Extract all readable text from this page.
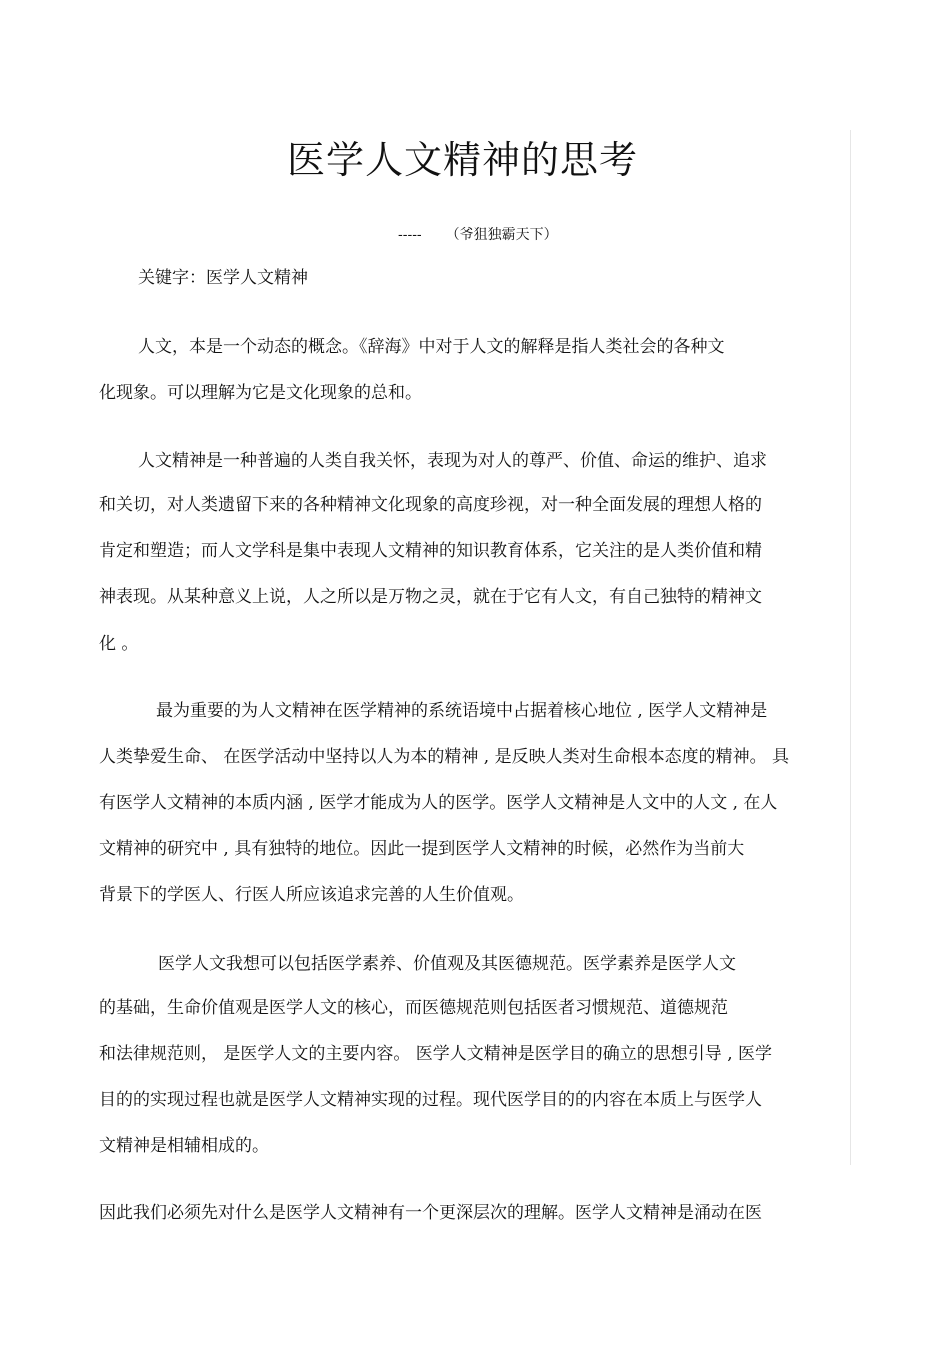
医学人文精神的思考
----- （爷狙独霸天下）
关键字：医学人文精神
人文，本是一个动态的概念。《辞海》中对于人文的解释是指人类社会的各种文
化现象。可以理解为它是文化现象的总和。
人文精神是一种普遍的人类自我关怀，表现为对人的尊严、价值、命运的维护、追求
和关切，对人类遗留下来的各种精神文化现象的高度珍视，对一种全面发展的理想人格的
肯定和塑造；而人文学科是集中表现人文精神的知识教育体系，它关注的是人类价值和精
神表现。从某种意义上说，人之所以是万物之灵，就在于它有人文，有自己独特的精神文
化 。
最为重要的为人文精神在医学精神的系统语境中占据着核心地位 , 医学人文精神是
人类挚爱生命、 在医学活动中坚持以人为本的精神 , 是反映人类对生命根本态度的精神。 具
有医学人文精神的本质内涵 , 医学才能成为人的医学。医学人文精神是人文中的人文 , 在人
文精神的研究中 , 具有独特的地位。因此一提到医学人文精神的时候，必然作为当前大
背景下的学医人、行医人所应该追求完善的人生价值观。
医学人文我想可以包括医学素养、价值观及其医德规范。医学素养是医学人文
的基础，生命价值观是医学人文的核心，而医德规范则包括医者习惯规范、道德规范
和法律规范则， 是医学人文的主要内容。 医学人文精神是医学目的确立的思想引导 , 医学
目的的实现过程也就是医学人文精神实现的过程。现代医学目的的内容在本质上与医学人
文精神是相辅相成的。
因此我们必须先对什么是医学人文精神有一个更深层次的理解。医学人文精神是涌动在医
